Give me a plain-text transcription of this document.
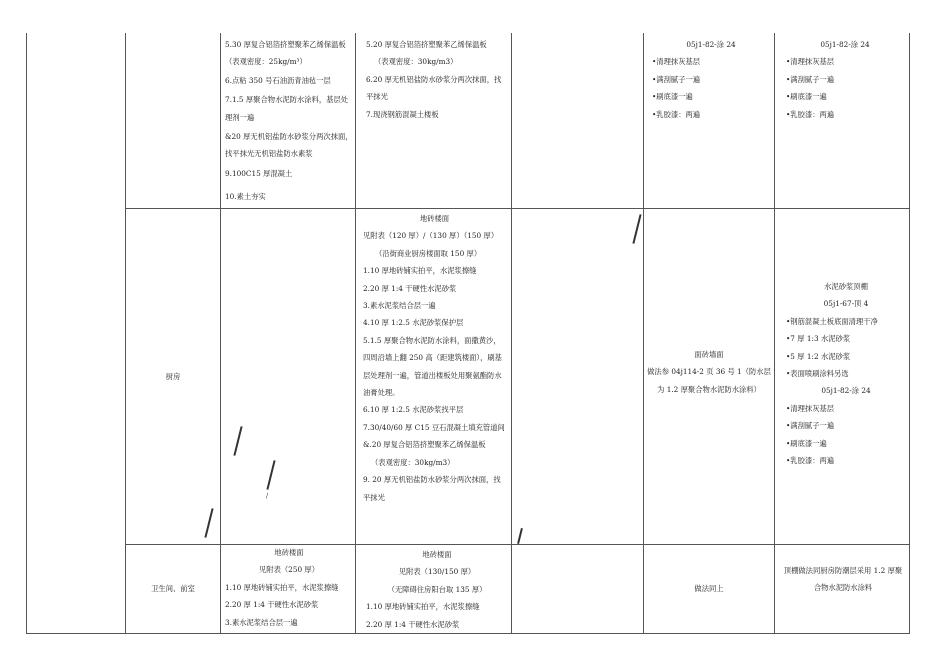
5.30 厚复合铝箔挤塑聚苯乙烯保温板（表观密度：25kg/m³）

6.点粘 350 号石油沥青油毡一层

7.1.5 厚聚合物水泥防水涂料，基层处理剂一遍

&20 厚无机铝盐防水砂浆分两次抹面，找平抹光无机铝盐防水素浆

9.100C15 厚混凝土

10.素土夯实

5.20 厚复合铝箔挤塑聚苯乙烯保温板

（表观密度：30kg/m3）

6.20 厚无机铝盐防水砂浆分两次抹面，找平抹光

7.现浇钢筋混凝土楼板

05j1-82-涂 24

•清理抹灰基层

•满刮腻子一遍

•刷底漆一遍

•乳胶漆：两遍

05j1-82-涂 24

•清理抹灰基层

•满刮腻子一遍

•刷底漆一遍

•乳胶漆：两遍

厨房

地砖楼面

见附表（120 厚）/（130 厚）（150 厚）

（沿街商业厨房楼面取 150 厚）

1.10 厚地砖铺实拍平，水泥浆擦缝

2.20 厚 1:4 干硬性水泥砂浆

3.素水泥浆结合层一遍

4.10 厚 1:2.5 水泥砂浆保护层

5.1.5 厚聚合物水泥防水涂料，面撒黄沙，四周沿墙上翻 250 高（距建筑楼面），刷基层处理剂一遍，管道出楼板处用聚氨酯防水油膏处理。

6.10 厚 1:2.5 水泥砂浆找平层

7.30/40/60 厚 C15 豆石混凝土填充管道间

&.20 厚复合铝箔挤塑聚苯乙烯保温板

（表观密度：30kg/m3）

9. 20 厚无机铝盐防水砂浆分两次抹面，找平抹光

面砖墙面

做法参 04j114-2 页 36 号 1（防水层为 1.2 厚聚合物水泥防水涂料）

水泥砂浆顶棚

05j1-67-顶 4

•钢筋混凝土板底面清理干净

•7 厚 1:3 水泥砂浆

•5 厚 1:2 水泥砂浆

•表面喷刷涂料另选

05j1-82-涂 24

•清理抹灰基层

•满刮腻子一遍

•刷底漆一遍

•乳胶漆：两遍

/

卫生间、前室

地砖楼面

见附表（250 厚）

1.10 厚地砖铺实拍平，水泥浆擦缝

2.20 厚 1:4 干硬性水泥砂浆

3.素水泥浆结合层一遍

地砖楼面

见附表（130/150 厚）

（无障碍住房阳台取 135 厚）

1.10 厚地砖铺实拍平，水泥浆擦缝

2.20 厚 1:4 干硬性水泥砂浆

做法同上

顶棚做法同厨房防潮层采用 1.2 厚聚合物水泥防水涂料
